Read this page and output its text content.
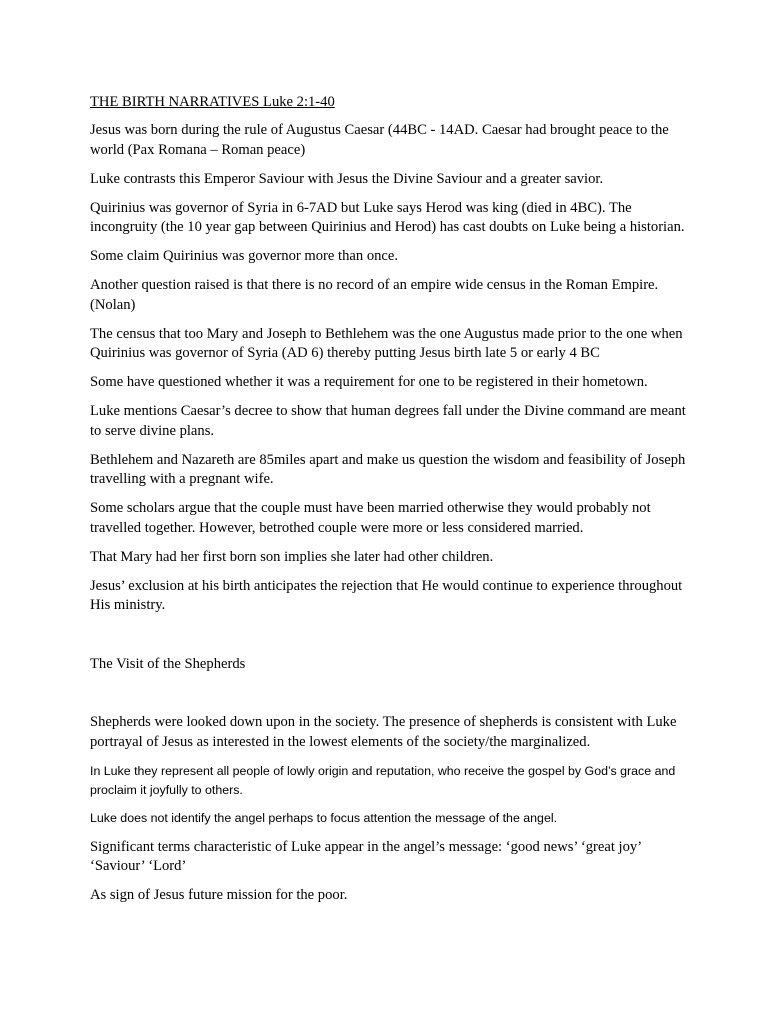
THE BIRTH NARRATIVES Luke 2:1-40
Jesus was born during the rule of Augustus Caesar (44BC - 14AD. Caesar had brought peace to the world (Pax Romana – Roman peace)
Luke contrasts this Emperor Saviour with Jesus the Divine Saviour and a greater savior.
Quirinius was governor of Syria in 6-7AD but Luke says Herod was king (died in 4BC). The incongruity (the 10 year gap between Quirinius and Herod) has cast doubts on Luke being a historian.
Some claim Quirinius was governor more than once.
Another question raised is that there is no record of an empire wide census in the Roman Empire. (Nolan)
The census that too Mary and Joseph to Bethlehem was the one Augustus made prior to the one when Quirinius was governor of Syria (AD 6) thereby putting Jesus birth late 5 or early 4 BC
Some have questioned whether it was a requirement for one to be registered in their hometown.
Luke mentions Caesar’s decree to show that human degrees fall under the Divine command are meant to serve divine plans.
Bethlehem and Nazareth are 85miles apart and make us question the wisdom and feasibility of Joseph travelling with a pregnant wife.
Some scholars argue that the couple must have been married otherwise they would probably not travelled together. However, betrothed couple were more or less considered married.
That Mary had her first born son implies she later had other children.
Jesus’ exclusion at his birth anticipates the rejection that He would continue to experience throughout His ministry.
The Visit of the Shepherds
Shepherds were looked down upon in the society. The presence of shepherds is consistent with Luke portrayal of Jesus as interested in the lowest elements of the society/the marginalized.
In Luke they represent all people of lowly origin and reputation, who receive the gospel by God’s grace and proclaim it joyfully to others.
Luke does not identify the angel perhaps to focus attention the message of the angel.
Significant terms characteristic of Luke appear in the angel’s message: ‘good news’ ‘great joy’ ‘Saviour’ ‘Lord’
As sign of Jesus future mission for the poor.
